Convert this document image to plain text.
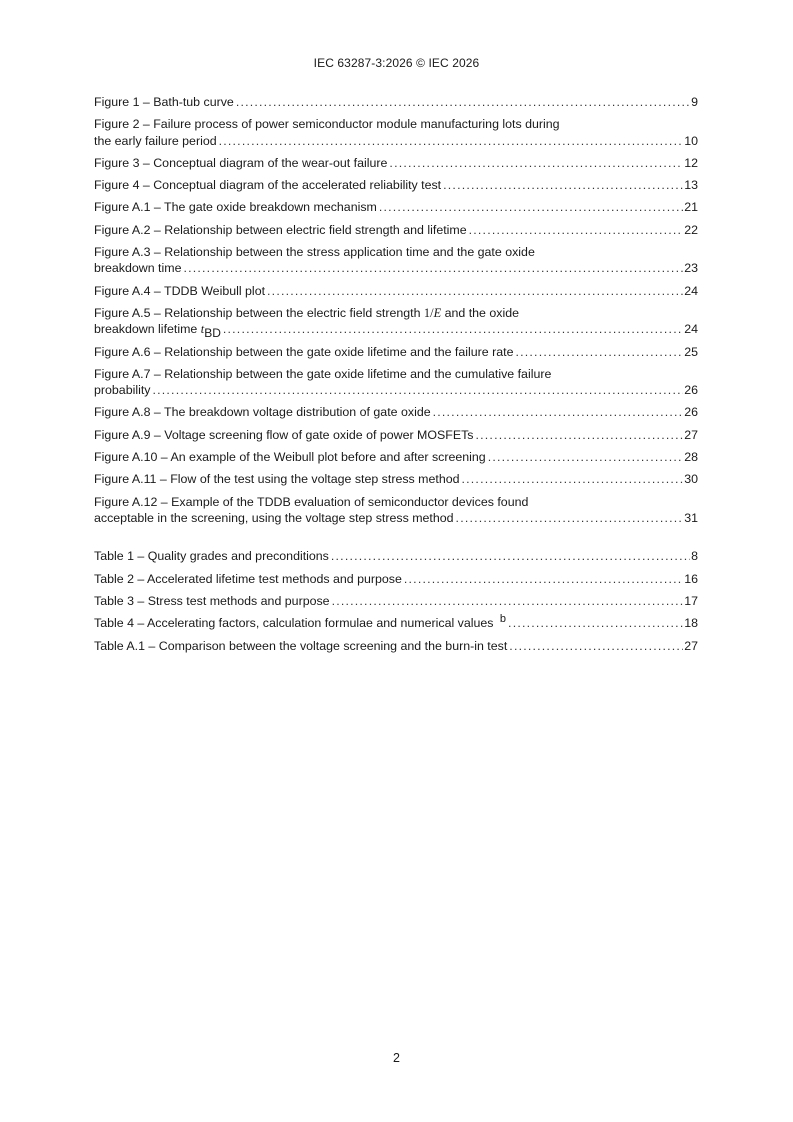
IEC 63287-3:2026 © IEC 2026
Figure 1 – Bath-tub curve .....	9
Figure 2 – Failure process of power semiconductor module manufacturing lots during
the early failure period .....	10
Figure 3 – Conceptual diagram of the wear-out failure .....	12
Figure 4 – Conceptual diagram of the accelerated reliability test .....	13
Figure A.1 – The gate oxide breakdown mechanism .....	21
Figure A.2 – Relationship between electric field strength and lifetime .....	22
Figure A.3 – Relationship between the stress application time and the gate oxide
breakdown time .....	23
Figure A.4 – TDDB Weibull plot .....	24
Figure A.5 – Relationship between the electric field strength 1/E and the oxide
breakdown lifetime tBD .....	24
Figure A.6 – Relationship between the gate oxide lifetime and the failure rate .....	25
Figure A.7 – Relationship between the gate oxide lifetime and the cumulative failure
probability .....	26
Figure A.8 – The breakdown voltage distribution of gate oxide .....	26
Figure A.9 – Voltage screening flow of gate oxide of power MOSFETs .....	27
Figure A.10 – An example of the Weibull plot before and after screening .....	28
Figure A.11 – Flow of the test using the voltage step stress method .....	30
Figure A.12 – Example of the TDDB evaluation of semiconductor devices found
acceptable in the screening, using the voltage step stress method .....	31
Table 1 – Quality grades and preconditions .....	8
Table 2 – Accelerated lifetime test methods and purpose .....	16
Table 3 – Stress test methods and purpose .....	17
Table 4 – Accelerating factors, calculation formulae and numerical values b .....	18
Table A.1 – Comparison between the voltage screening and the burn-in test .....	27
2
